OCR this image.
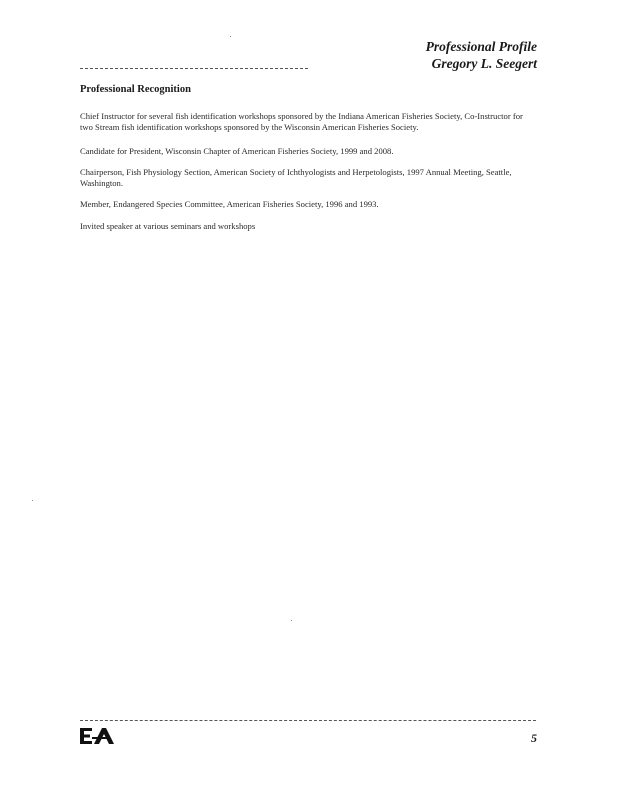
Professional Profile
Gregory L. Seegert
Professional Recognition
Chief Instructor for several fish identification workshops sponsored by the Indiana American Fisheries Society, Co-Instructor for two Stream fish identification workshops sponsored by the Wisconsin American Fisheries Society.
Candidate for President, Wisconsin Chapter of American Fisheries Society, 1999 and 2008.
Chairperson, Fish Physiology Section, American Society of Ichthyologists and Herpetologists, 1997 Annual Meeting, Seattle, Washington.
Member, Endangered Species Committee, American Fisheries Society, 1996 and 1993.
Invited speaker at various seminars and workshops
5
